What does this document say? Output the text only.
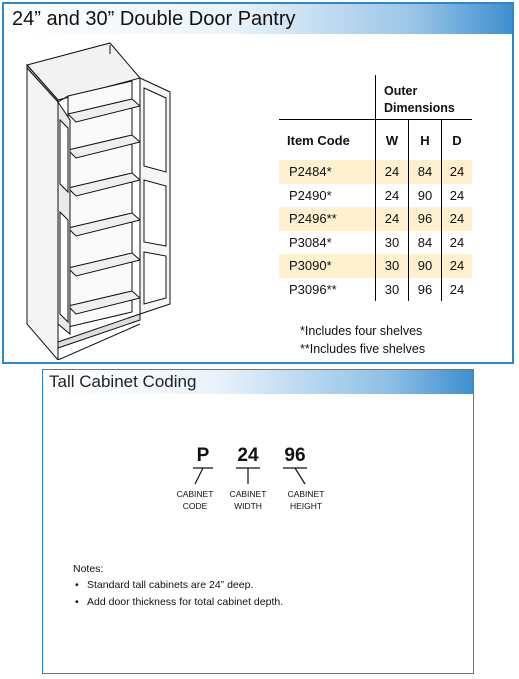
24” and 30” Double Door Pantry
	Outer
Dimensions		
Item Code	W	H	D
P2484*	24	84	24
P2490*	24	90	24
P2496**	24	96	24
P3084*	30	84	24
P3090*	30	90	24
P3096**	30	96	24
*Includes four shelves
**Includes five shelves
Tall Cabinet Coding
P	24	96
CABINET
CODE
CABINET
WIDTH
CABINET
HEIGHT
Notes:
• Standard tall cabinets are 24” deep.
• Add door thickness for total cabinet depth.
